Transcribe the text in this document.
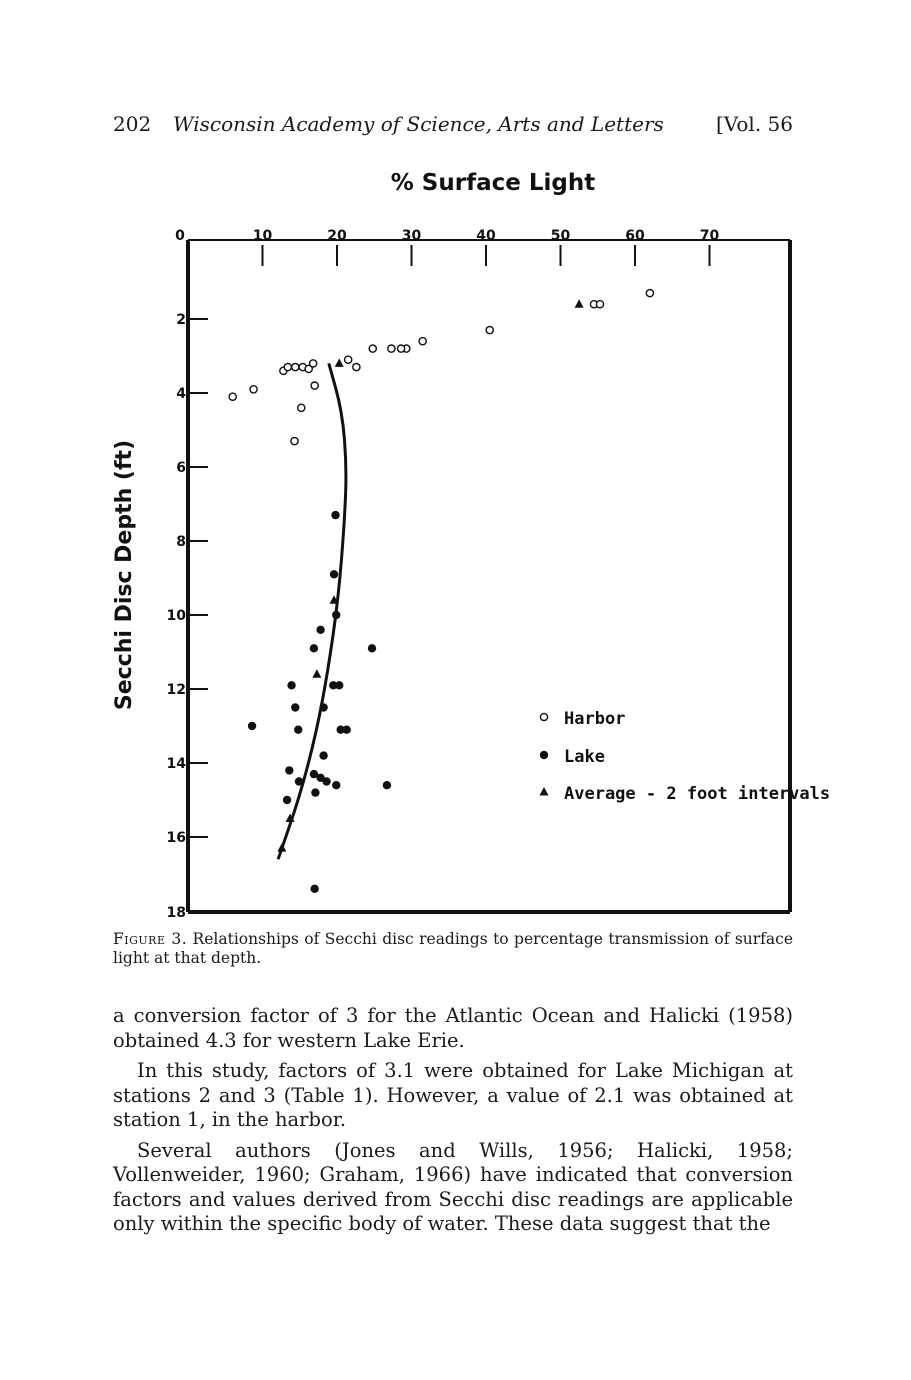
202 Wisconsin Academy of Science, Arts and Letters	[Vol. 56
% Surface Light
Secchi Disc Depth (ft)
0	10	20	30	40	50	60	70
2
4
6
8
10
12
14
16
18
Harbor
Lake
Average - 2 foot intervals
Figure 3. Relationships of Secchi disc readings to percentage transmission of surface light at that depth.

a conversion factor of 3 for the Atlantic Ocean and Halicki (1958) obtained 4.3 for western Lake Erie.

In this study, factors of 3.1 were obtained for Lake Michigan at stations 2 and 3 (Table 1). However, a value of 2.1 was obtained at station 1, in the harbor.

Several authors (Jones and Wills, 1956; Halicki, 1958; Vollenweider, 1960; Graham, 1966) have indicated that conversion factors and values derived from Secchi disc readings are applicable only within the specific body of water. These data suggest that the
